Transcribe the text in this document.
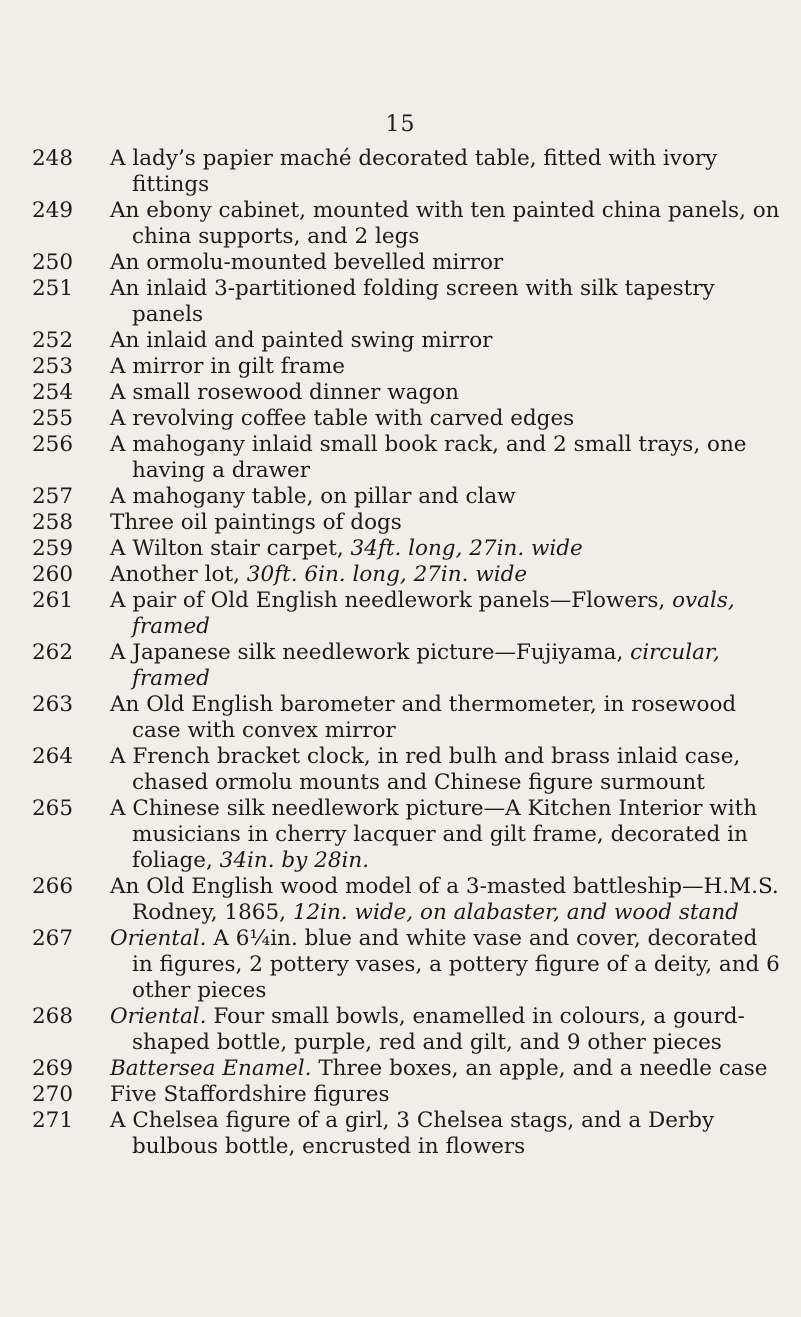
15
248	A lady’s papier maché decorated table, fitted with ivory fittings
249	An ebony cabinet, mounted with ten painted china panels, on china supports, and 2 legs
250	An ormolu-mounted bevelled mirror
251	An inlaid 3-partitioned folding screen with silk tapestry panels
252	An inlaid and painted swing mirror
253	A mirror in gilt frame
254	A small rosewood dinner wagon
255	A revolving coffee table with carved edges
256	A mahogany inlaid small book rack, and 2 small trays, one having a drawer
257	A mahogany table, on pillar and claw
258	Three oil paintings of dogs
259	A Wilton stair carpet, 34ft. long, 27in. wide
260	Another lot, 30ft. 6in. long, 27in. wide
261	A pair of Old English needlework panels—Flowers, ovals, framed
262	A Japanese silk needlework picture—Fujiyama, circular, framed
263	An Old English barometer and thermometer, in rosewood case with convex mirror
264	A French bracket clock, in red bulh and brass inlaid case, chased ormolu mounts and Chinese figure surmount
265	A Chinese silk needlework picture—A Kitchen Interior with musicians in cherry lacquer and gilt frame, decorated in foliage, 34in. by 28in.
266	An Old English wood model of a 3-masted battleship—H.M.S. Rodney, 1865, 12in. wide, on alabaster, and wood stand
267	Oriental. A 6¼in. blue and white vase and cover, decorated in figures, 2 pottery vases, a pottery figure of a deity, and 6 other pieces
268	Oriental. Four small bowls, enamelled in colours, a gourd-shaped bottle, purple, red and gilt, and 9 other pieces
269	Battersea Enamel. Three boxes, an apple, and a needle case
270	Five Staffordshire figures
271	A Chelsea figure of a girl, 3 Chelsea stags, and a Derby bulbous bottle, encrusted in flowers
